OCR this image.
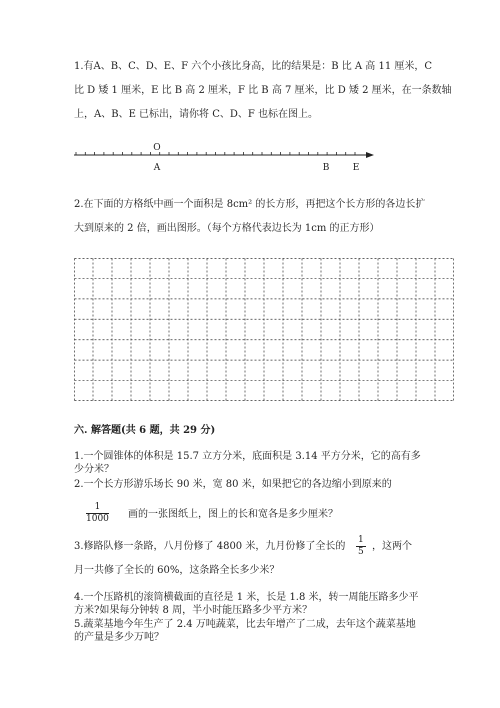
1.有A、B、C、D、E、F 六个小孩比身高，比的结果是：B 比 A 高 11 厘米，C
比 D 矮 1 厘米，E 比 B 高 2 厘米，F 比 B 高 7 厘米，比 D 矮 2 厘米，在一条数轴
上，A、B、E 已标出，请你将 C、D、F 也标在图上。
O
A	B	E
2.在下面的方格纸中画一个面积是 8cm² 的长方形，再把这个长方形的各边长扩
大到原来的 2 倍，画出图形。（每个方格代表边长为 1cm 的正方形）
六. 解答题(共 6 题，共 29 分)
1.一个圆锥体的体积是 15.7 立方分米，底面积是 3.14 平方分米，它的高有多
少分米？
2.一个长方形游乐场长 90 米，宽 80 米，如果把它的各边缩小到原来的
$\frac{1}{1000}$ 画的一张图纸上，图上的长和宽各是多少厘米？
3.修路队修一条路，八月份修了 4800 米，九月份修了全长的 $\frac{1}{5}$ ，这两个
月一共修了全长的 60%，这条路全长多少米？
4.一个压路机的滚筒横截面的直径是 1 米，长是 1.8 米，转一周能压路多少平
方米?如果每分钟转 8 周，半小时能压路多少平方米？
5.蔬菜基地今年生产了 2.4 万吨蔬菜，比去年增产了二成，去年这个蔬菜基地
的产量是多少万吨？
